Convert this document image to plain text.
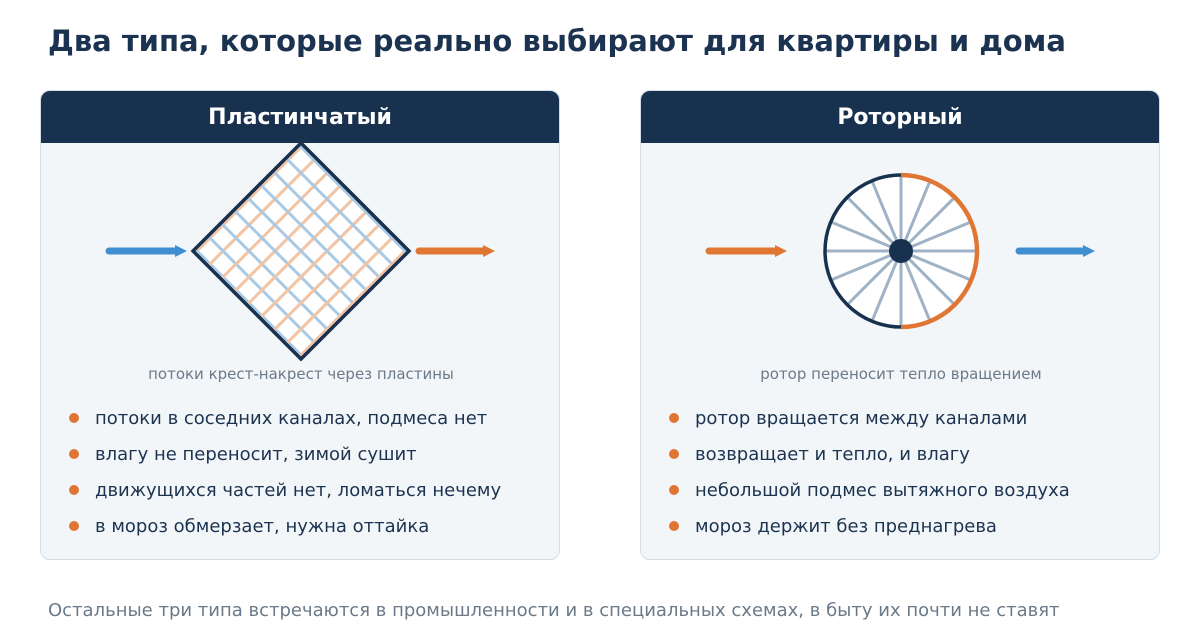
Два типа, которые реально выбирают для квартиры и дома
Пластинчатый
потоки крест-накрест через пластины
потоки в соседних каналах, подмеса нет
влагу не переносит, зимой сушит
движущихся частей нет, ломаться нечему
в мороз обмерзает, нужна оттайка
Роторный
ротор переносит тепло вращением
ротор вращается между каналами
возвращает и тепло, и влагу
небольшой подмес вытяжного воздуха
мороз держит без преднагрева

Остальные три типа встречаются в промышленности и в специальных схемах, в быту их почти не ставят
